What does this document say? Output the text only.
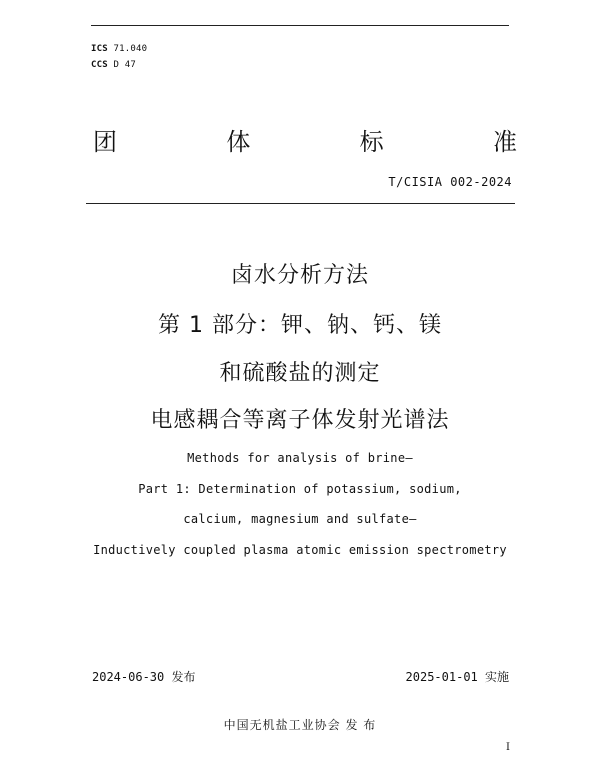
ICS 71.040
CCS D 47
团	体	标	准
T/CISIA 002-2024
卤水分析方法
第 1 部分：钾、钠、钙、镁
和硫酸盐的测定
电感耦合等离子体发射光谱法
Methods for analysis of brine—
Part 1: Determination of potassium, sodium,
calcium, magnesium and sulfate—
Inductively coupled plasma atomic emission spectrometry
2024-06-30 发布	2025-01-01 实施
中国无机盐工业协会 发 布
I
